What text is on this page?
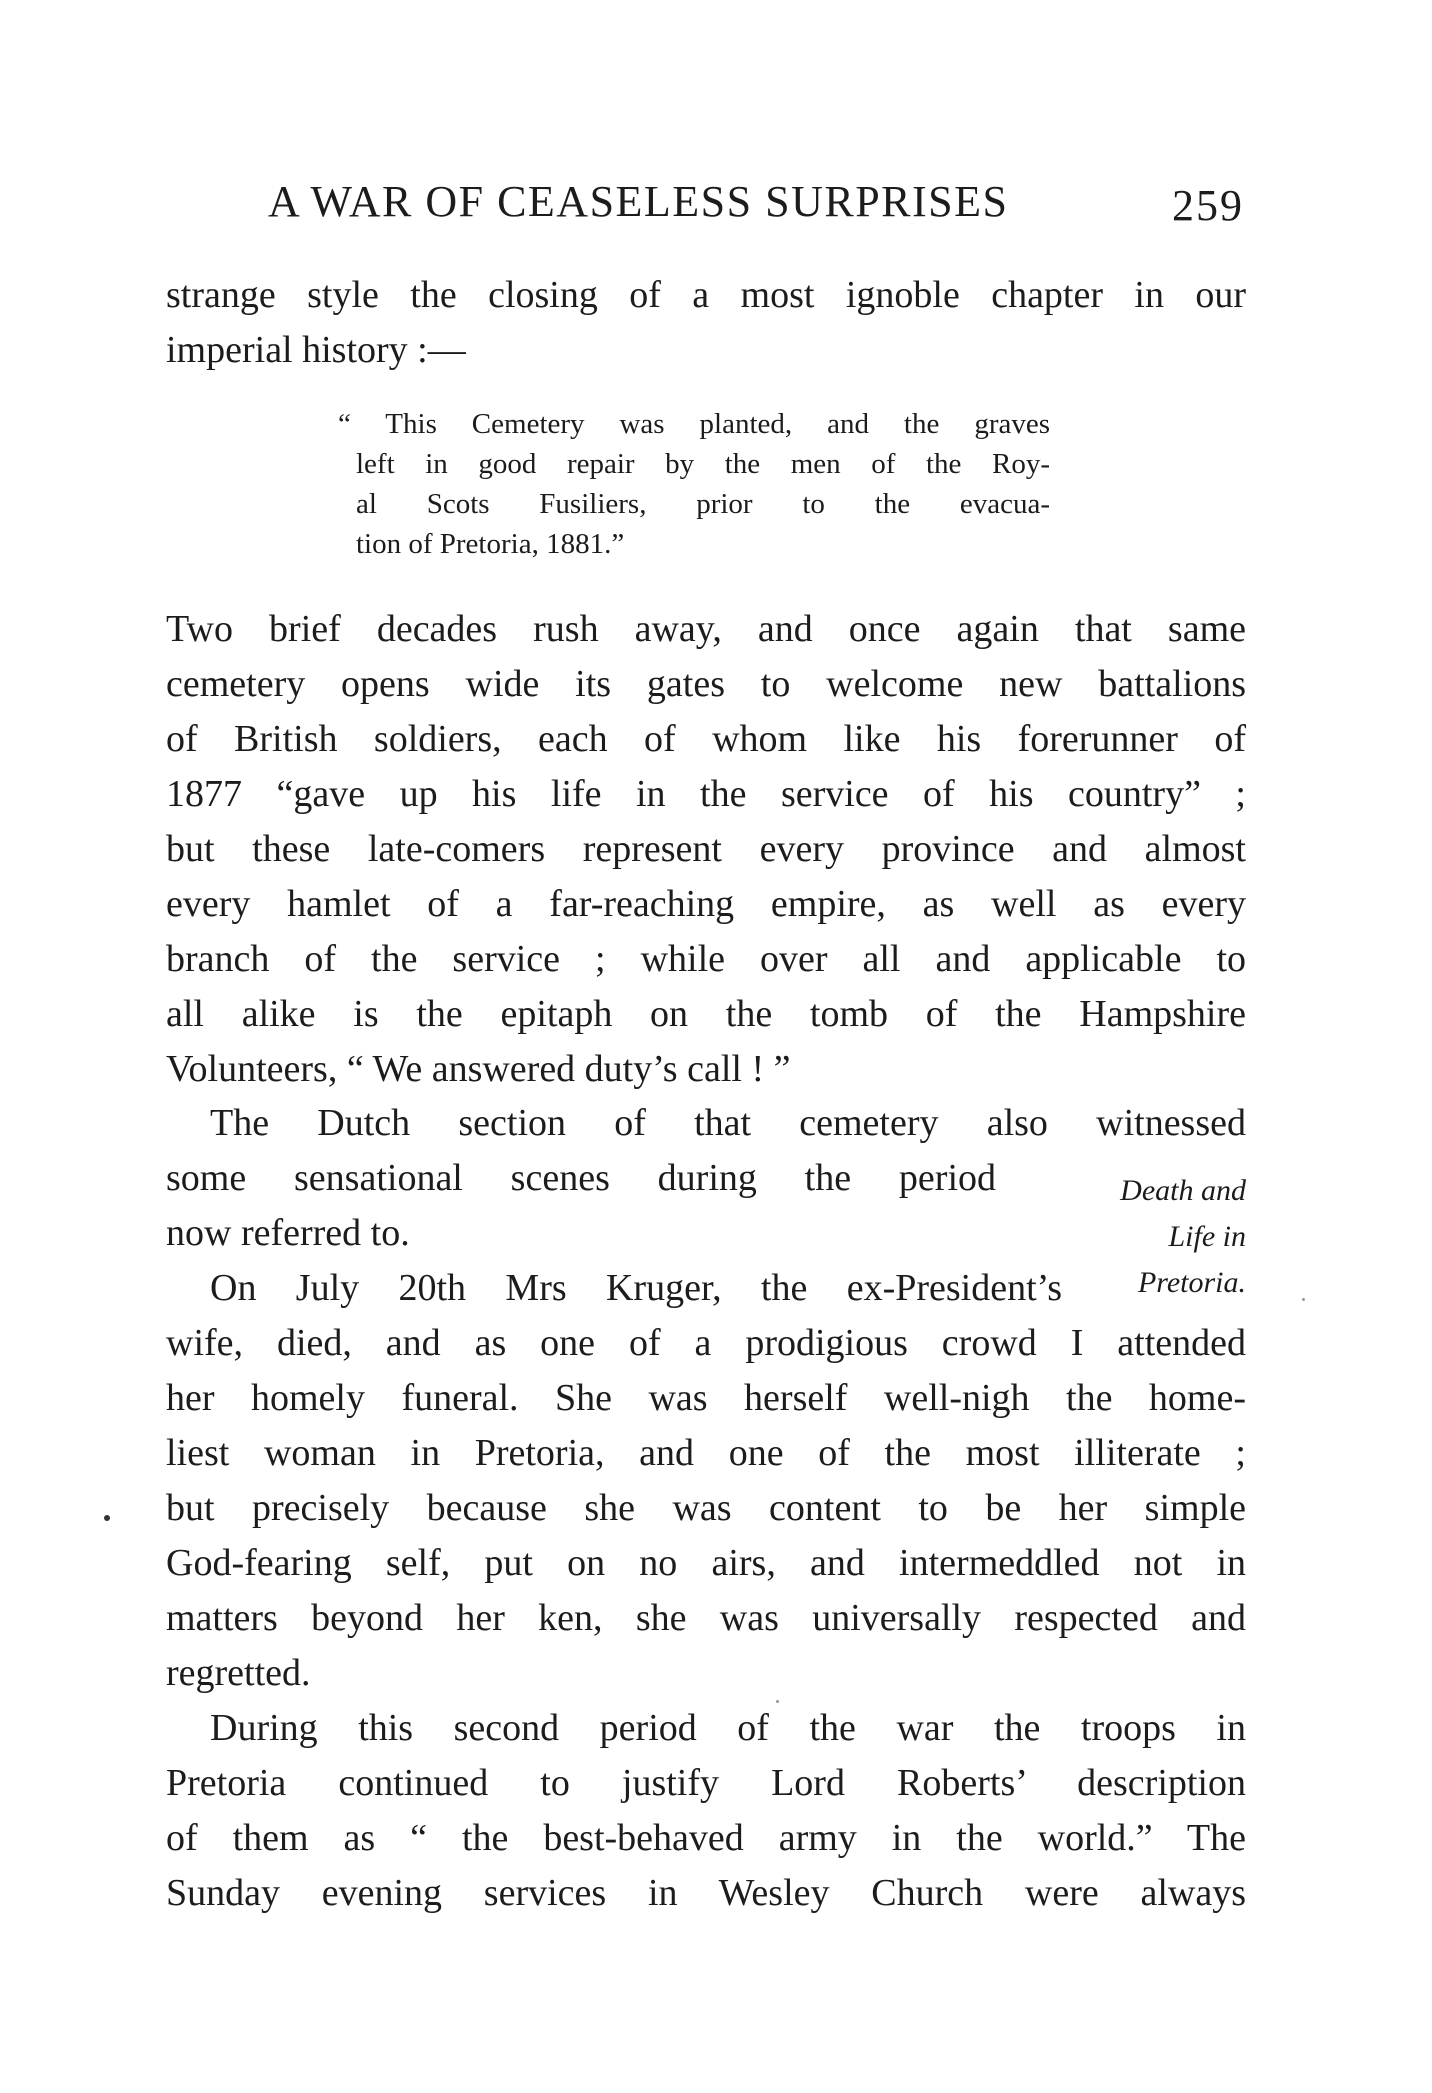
A WAR OF CEASELESS SURPRISES	259
strange style the closing of a most ignoble chapter in our
imperial history :—
“ This Cemetery was planted, and the graves
left in good repair by the men of the Roy-
al Scots Fusiliers, prior to the evacua-
tion of Pretoria, 1881.”
Two brief decades rush away, and once again that same
cemetery opens wide its gates to welcome new battalions
of British soldiers, each of whom like his forerunner of
1877 “gave up his life in the service of his country” ;
but these late-comers represent every province and almost
every hamlet of a far-reaching empire, as well as every
branch of the service ; while over all and applicable to
all alike is the epitaph on the tomb of the Hampshire
Volunteers, “ We answered duty’s call ! ”
The Dutch section of that cemetery also witnessed
some sensational scenes during the period
now referred to.
On July 20th Mrs Kruger, the ex-President’s
wife, died, and as one of a prodigious crowd I attended
her homely funeral. She was herself well-nigh the home-
liest woman in Pretoria, and one of the most illiterate ;
but precisely because she was content to be her simple
God-fearing self, put on no airs, and intermeddled not in
matters beyond her ken, she was universally respected and
regretted.
During this second period of the war the troops in
Pretoria continued to justify Lord Roberts’ description
of them as “ the best-behaved army in the world.” The
Sunday evening services in Wesley Church were always
Death and
Life in
Pretoria.
